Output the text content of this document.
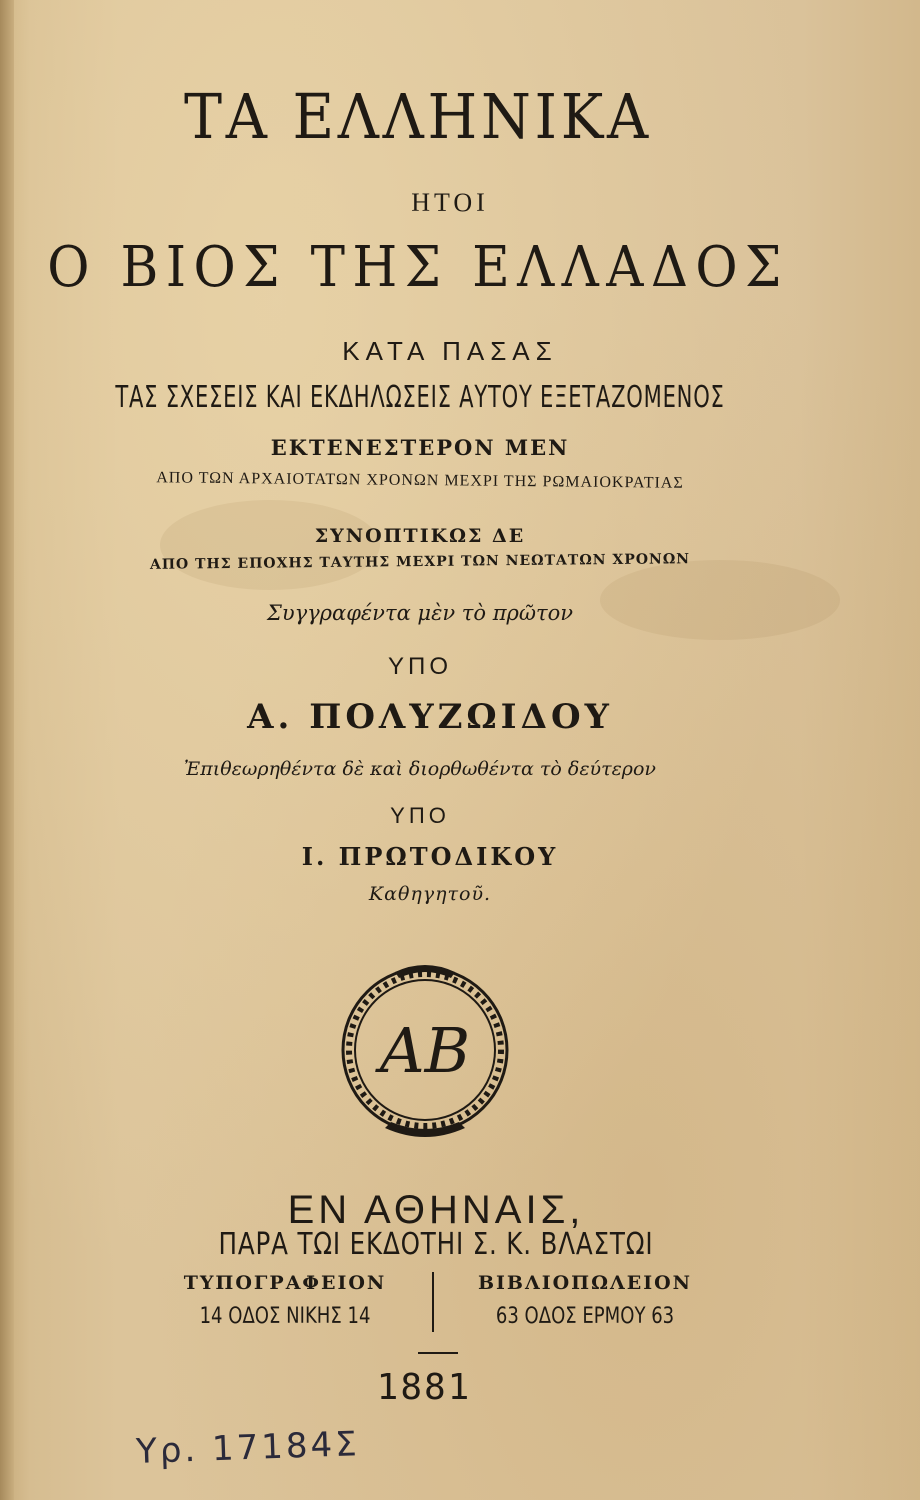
ΤΑ ΕΛΛΗΝΙΚΑ
ΗΤΟΙ
Ο ΒΙΟΣ ΤΗΣ ΕΛΛΑΔΟΣ
ΚΑΤΑ ΠΑΣΑΣ
ΤΑΣ ΣΧΕΣΕΙΣ ΚΑΙ ΕΚΔΗΛΩΣΕΙΣ ΑΥΤΟΥ ΕΞΕΤΑΖΟΜΕΝΟΣ
ΕΚΤΕΝΕΣΤΕΡΟΝ ΜΕΝ
ΑΠΟ ΤΩΝ ΑΡΧΑΙΟΤΑΤΩΝ ΧΡΟΝΩΝ ΜΕΧΡΙ ΤΗΣ ΡΩΜΑΙΟΚΡΑΤΙΑΣ
ΣΥΝΟΠΤΙΚΩΣ ΔΕ
ΑΠΟ ΤΗΣ ΕΠΟΧΗΣ ΤΑΥΤΗΣ ΜΕΧΡΙ ΤΩΝ ΝΕΩΤΑΤΩΝ ΧΡΟΝΩΝ
Συγγραφέντα μὲν τὸ πρῶτον
ΥΠΟ
Α. ΠΟΛΥΖΩΙΔΟΥ
Ἐπιθεωρηθέντα δὲ καὶ διορθωθέντα τὸ δεύτερον
ΥΠΟ
Ι. ΠΡΩΤΟΔΙΚΟΥ
Καθηγητοῦ.
ΑΒ
ΕΝ ΑΘΗΝΑΙΣ,
ΠΑΡΑ ΤΩΙ ΕΚΔΟΤΗΙ Σ. Κ. ΒΛΑΣΤΩΙ
ΤΥΠΟΓΡΑΦΕΙΟΝ
14 ΟΔΟΣ ΝΙΚΗΣ 14
ΒΙΒΛΙΟΠΩΛΕΙΟΝ
63 ΟΔΟΣ ΕΡΜΟΥ 63
1881
Υρ. 17184Σ
